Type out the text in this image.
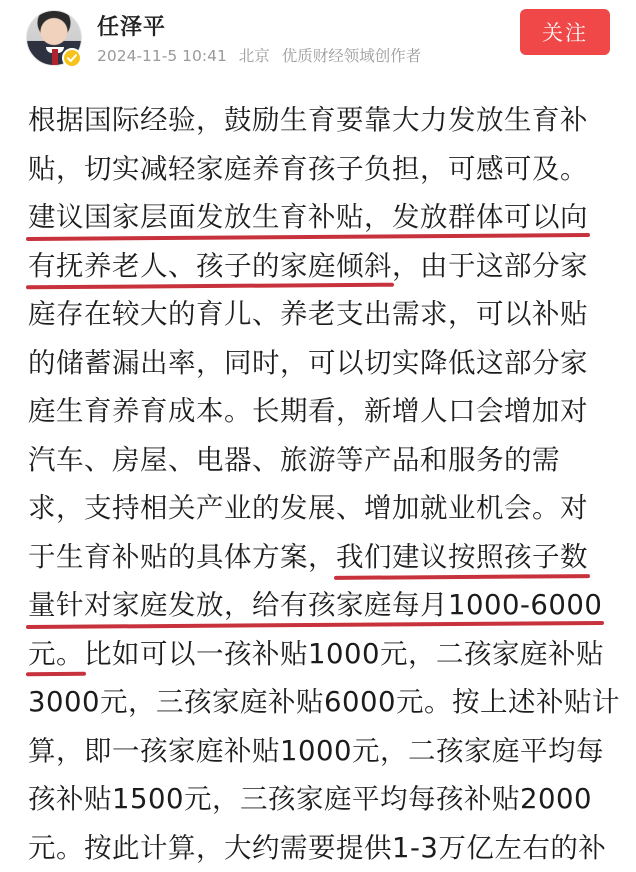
任泽平
2024-11-5 10:41 北京 优质财经领域创作者
关注
根据国际经验，鼓励生育要靠大力发放生育补
贴，切实减轻家庭养育孩子负担，可感可及。
建议国家层面发放生育补贴，发放群体可以向
有抚养老人、孩子的家庭倾斜，由于这部分家
庭存在较大的育儿、养老支出需求，可以补贴
的储蓄漏出率，同时，可以切实降低这部分家
庭生育养育成本。长期看，新增人口会增加对
汽车、房屋、电器、旅游等产品和服务的需
求，支持相关产业的发展、增加就业机会。对
于生育补贴的具体方案，我们建议按照孩子数
量针对家庭发放，给有孩家庭每月1000-6000
元。比如可以一孩补贴1000元，二孩家庭补贴
3000元，三孩家庭补贴6000元。按上述补贴计
算，即一孩家庭补贴1000元，二孩家庭平均每
孩补贴1500元，三孩家庭平均每孩补贴2000
元。按此计算，大约需要提供1-3万亿左右的补
